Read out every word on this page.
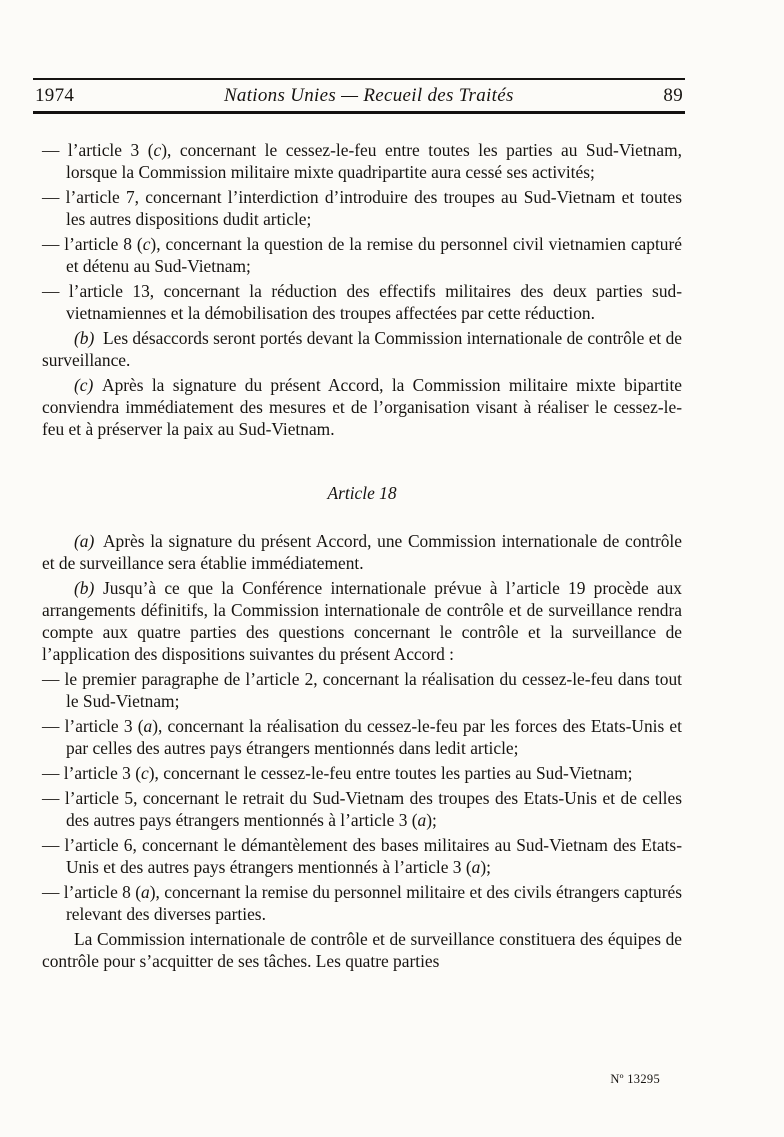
1974	Nations Unies — Recueil des Traités	89
— l’article 3 (c), concernant le cessez-le-feu entre toutes les parties au Sud-Vietnam, lorsque la Commission militaire mixte quadripartite aura cessé ses activités;
— l’article 7, concernant l’interdiction d’introduire des troupes au Sud-Vietnam et toutes les autres dispositions dudit article;
— l’article 8 (c), concernant la question de la remise du personnel civil vietnamien capturé et détenu au Sud-Vietnam;
— l’article 13, concernant la réduction des effectifs militaires des deux parties sud-vietnamiennes et la démobilisation des troupes affectées par cette réduction.
(b) Les désaccords seront portés devant la Commission internationale de contrôle et de surveillance.
(c) Après la signature du présent Accord, la Commission militaire mixte bipartite conviendra immédiatement des mesures et de l’organisation visant à réaliser le cessez-le-feu et à préserver la paix au Sud-Vietnam.
Article 18
(a) Après la signature du présent Accord, une Commission internationale de contrôle et de surveillance sera établie immédiatement.
(b) Jusqu’à ce que la Conférence internationale prévue à l’article 19 procède aux arrangements définitifs, la Commission internationale de contrôle et de surveillance rendra compte aux quatre parties des questions concernant le contrôle et la surveillance de l’application des dispositions suivantes du présent Accord :
— le premier paragraphe de l’article 2, concernant la réalisation du cessez-le-feu dans tout le Sud-Vietnam;
— l’article 3 (a), concernant la réalisation du cessez-le-feu par les forces des Etats-Unis et par celles des autres pays étrangers mentionnés dans ledit article;
— l’article 3 (c), concernant le cessez-le-feu entre toutes les parties au Sud-Vietnam;
— l’article 5, concernant le retrait du Sud-Vietnam des troupes des Etats-Unis et de celles des autres pays étrangers mentionnés à l’article 3 (a);
— l’article 6, concernant le démantèlement des bases militaires au Sud-Vietnam des Etats-Unis et des autres pays étrangers mentionnés à l’article 3 (a);
— l’article 8 (a), concernant la remise du personnel militaire et des civils étrangers capturés relevant des diverses parties.
La Commission internationale de contrôle et de surveillance constituera des équipes de contrôle pour s’acquitter de ses tâches. Les quatre parties
Nº 13295
